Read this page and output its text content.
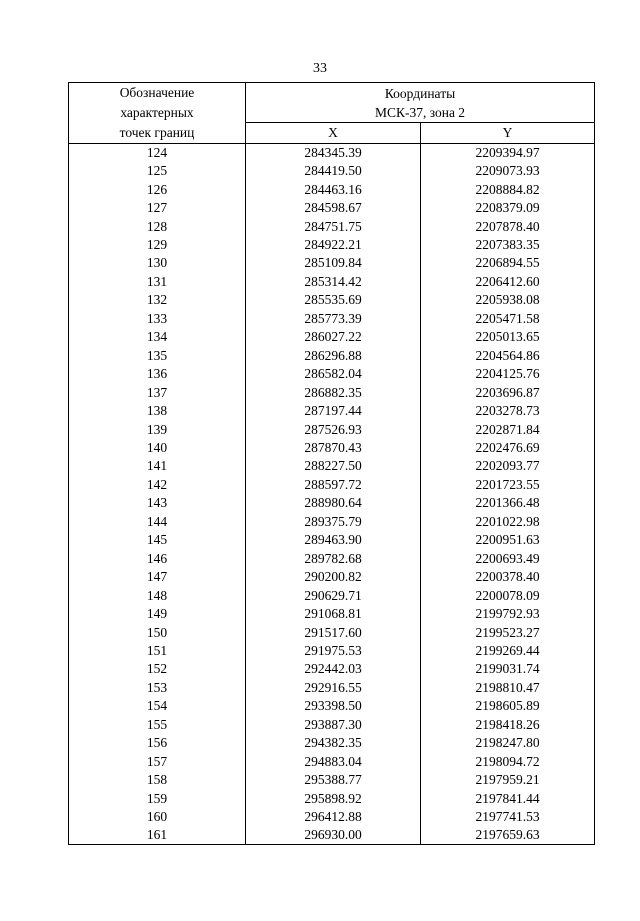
33
Обозначение
характерных
точек границ	Координаты
МСК-37, зона 2	

	X	Y
124	284345.39	2209394.97
125	284419.50	2209073.93
126	284463.16	2208884.82
127	284598.67	2208379.09
128	284751.75	2207878.40
129	284922.21	2207383.35
130	285109.84	2206894.55
131	285314.42	2206412.60
132	285535.69	2205938.08
133	285773.39	2205471.58
134	286027.22	2205013.65
135	286296.88	2204564.86
136	286582.04	2204125.76
137	286882.35	2203696.87
138	287197.44	2203278.73
139	287526.93	2202871.84
140	287870.43	2202476.69
141	288227.50	2202093.77
142	288597.72	2201723.55
143	288980.64	2201366.48
144	289375.79	2201022.98
145	289463.90	2200951.63
146	289782.68	2200693.49
147	290200.82	2200378.40
148	290629.71	2200078.09
149	291068.81	2199792.93
150	291517.60	2199523.27
151	291975.53	2199269.44
152	292442.03	2199031.74
153	292916.55	2198810.47
154	293398.50	2198605.89
155	293887.30	2198418.26
156	294382.35	2198247.80
157	294883.04	2198094.72
158	295388.77	2197959.21
159	295898.92	2197841.44
160	296412.88	2197741.53
161	296930.00	2197659.63
